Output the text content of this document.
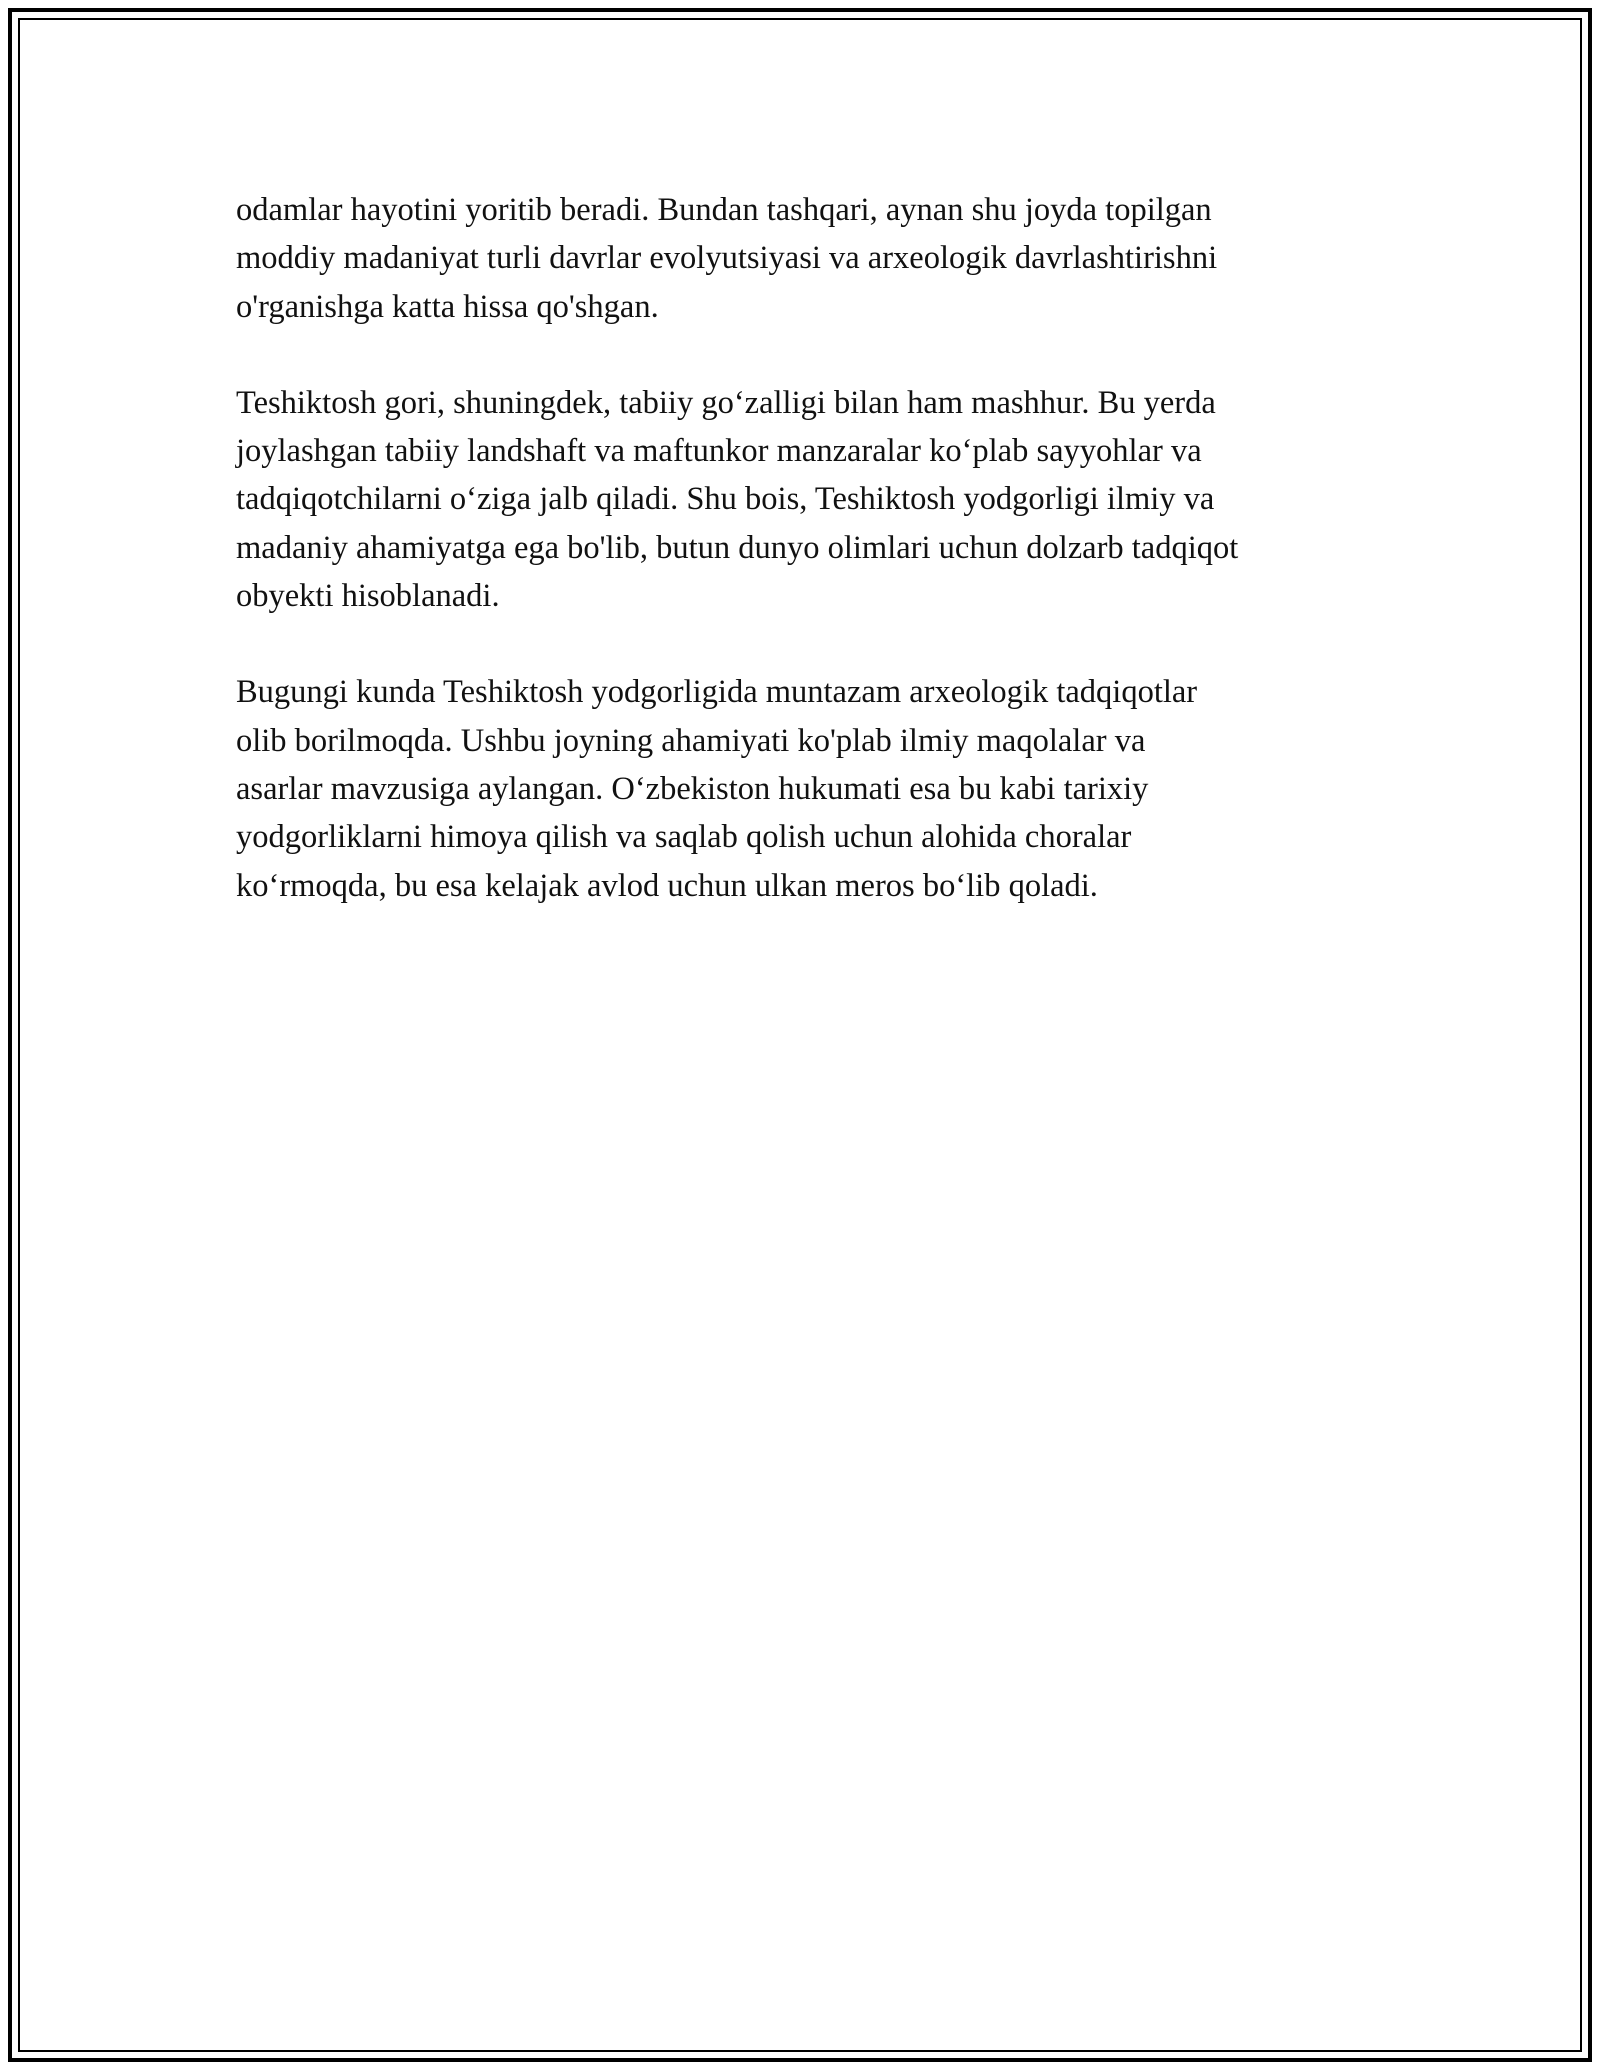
odamlar hayotini yoritib beradi. Bundan tashqari, aynan shu joyda topilgan
moddiy madaniyat turli davrlar evolyutsiyasi va arxeologik davrlashtirishni
o'rganishga katta hissa qo'shgan.

Teshiktosh gori, shuningdek, tabiiy go‘zalligi bilan ham mashhur. Bu yerda
joylashgan tabiiy landshaft va maftunkor manzaralar ko‘plab sayyohlar va
tadqiqotchilarni o‘ziga jalb qiladi. Shu bois, Teshiktosh yodgorligi ilmiy va
madaniy ahamiyatga ega bo'lib, butun dunyo olimlari uchun dolzarb tadqiqot
obyekti hisoblanadi.

Bugungi kunda Teshiktosh yodgorligida muntazam arxeologik tadqiqotlar
olib borilmoqda. Ushbu joyning ahamiyati ko'plab ilmiy maqolalar va
asarlar mavzusiga aylangan. O‘zbekiston hukumati esa bu kabi tarixiy
yodgorliklarni himoya qilish va saqlab qolish uchun alohida choralar
ko‘rmoqda, bu esa kelajak avlod uchun ulkan meros bo‘lib qoladi.
